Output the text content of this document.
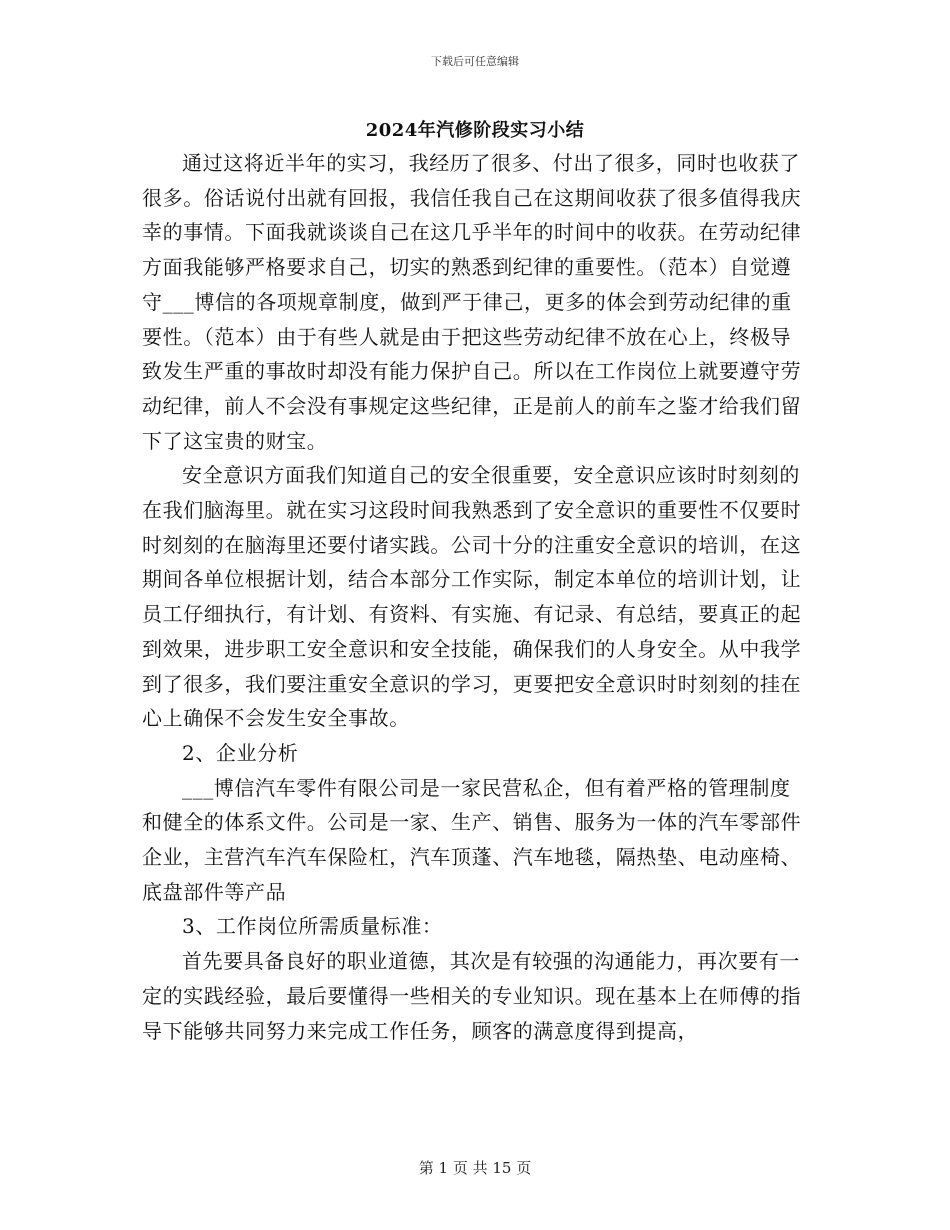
下载后可任意编辑
2024年汽修阶段实习小结

通过这将近半年的实习，我经历了很多、付出了很多，同时也收获了很多。俗话说付出就有回报，我信任我自己在这期间收获了很多值得我庆幸的事情。下面我就谈谈自己在这几乎半年的时间中的收获。在劳动纪律方面我能够严格要求自己，切实的熟悉到纪律的重要性。（范本）自觉遵守___博信的各项规章制度，做到严于律己，更多的体会到劳动纪律的重要性。（范本）由于有些人就是由于把这些劳动纪律不放在心上，终极导致发生严重的事故时却没有能力保护自己。所以在工作岗位上就要遵守劳动纪律，前人不会没有事规定这些纪律，正是前人的前车之鉴才给我们留下了这宝贵的财宝。

安全意识方面我们知道自己的安全很重要，安全意识应该时时刻刻的在我们脑海里。就在实习这段时间我熟悉到了安全意识的重要性不仅要时时刻刻的在脑海里还要付诸实践。公司十分的注重安全意识的培训，在这期间各单位根据计划，结合本部分工作实际，制定本单位的培训计划，让员工仔细执行，有计划、有资料、有实施、有记录、有总结，要真正的起到效果，进步职工安全意识和安全技能，确保我们的人身安全。从中我学到了很多，我们要注重安全意识的学习，更要把安全意识时时刻刻的挂在心上确保不会发生安全事故。

2、企业分析

___博信汽车零件有限公司是一家民营私企，但有着严格的管理制度和健全的体系文件。公司是一家、生产、销售、服务为一体的汽车零部件企业，主营汽车汽车保险杠，汽车顶蓬、汽车地毯，隔热垫、电动座椅、底盘部件等产品

3、工作岗位所需质量标准：

首先要具备良好的职业道德，其次是有较强的沟通能力，再次要有一定的实践经验，最后要懂得一些相关的专业知识。现在基本上在师傅的指导下能够共同努力来完成工作任务，顾客的满意度得到提高，

第 1 页 共 15 页
